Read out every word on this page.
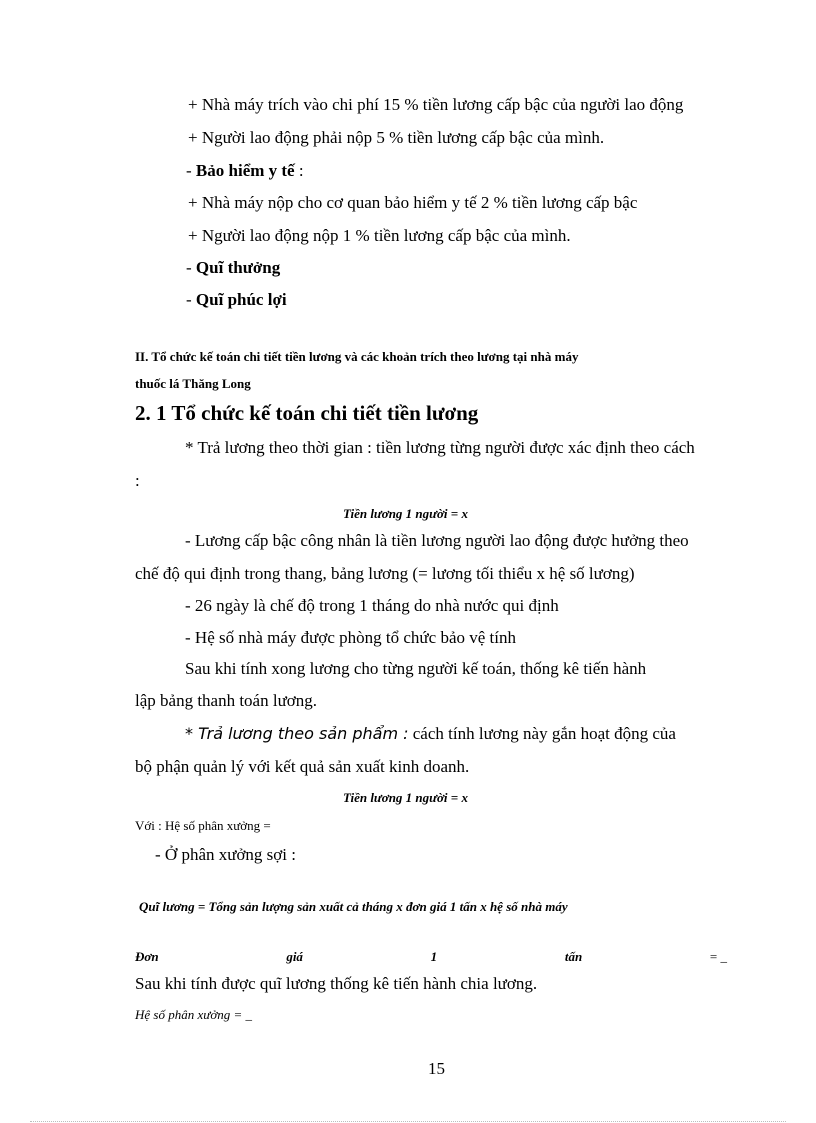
+ Nhà máy trích vào chi phí 15 % tiền lương cấp bậc của người lao động
+ Người lao động phải nộp 5 % tiền lương cấp bậc của mình.
- Bảo hiểm y tế :
+ Nhà máy nộp cho cơ quan bảo hiểm y tế 2 % tiền lương cấp bậc
+ Người lao động nộp 1 % tiền lương cấp bậc của mình.
- Quĩ thưởng
- Quĩ phúc lợi
II. Tổ chức kế toán chi tiết tiền lương và các khoản trích theo lương tại nhà máy
thuốc lá Thăng Long
2. 1 Tổ chức kế toán chi tiết tiền lương
* Trả lương theo thời gian : tiền lương từng người được xác định theo cách
:
Tiền lương 1 người = x
- Lương cấp bậc công nhân là tiền lương người lao động được hưởng theo
chế độ qui định trong thang, bảng lương (= lương tối thiểu x hệ số lương)
- 26 ngày là chế độ trong 1 tháng do nhà nước qui định
- Hệ số nhà máy được phòng tổ chức bảo vệ tính
Sau khi tính xong lương cho từng người kế toán, thống kê tiến hành
lập bảng thanh toán lương.
* Trả lương theo sản phẩm : cách tính lương này gắn hoạt động của
bộ phận quản lý với kết quả sản xuất kinh doanh.
Tiền lương 1 người = x
Với : Hệ số phân xưởng =
- Ở phân xưởng sợi :
Quĩ lương = Tổng sản lượng sản xuất cả tháng x đơn giá 1 tấn x hệ số nhà máy
Đơn	giá	1	tấn	= _
Sau khi tính được quĩ lương thống kê tiến hành chia lương.
Hệ số phân xưởng = _
15
